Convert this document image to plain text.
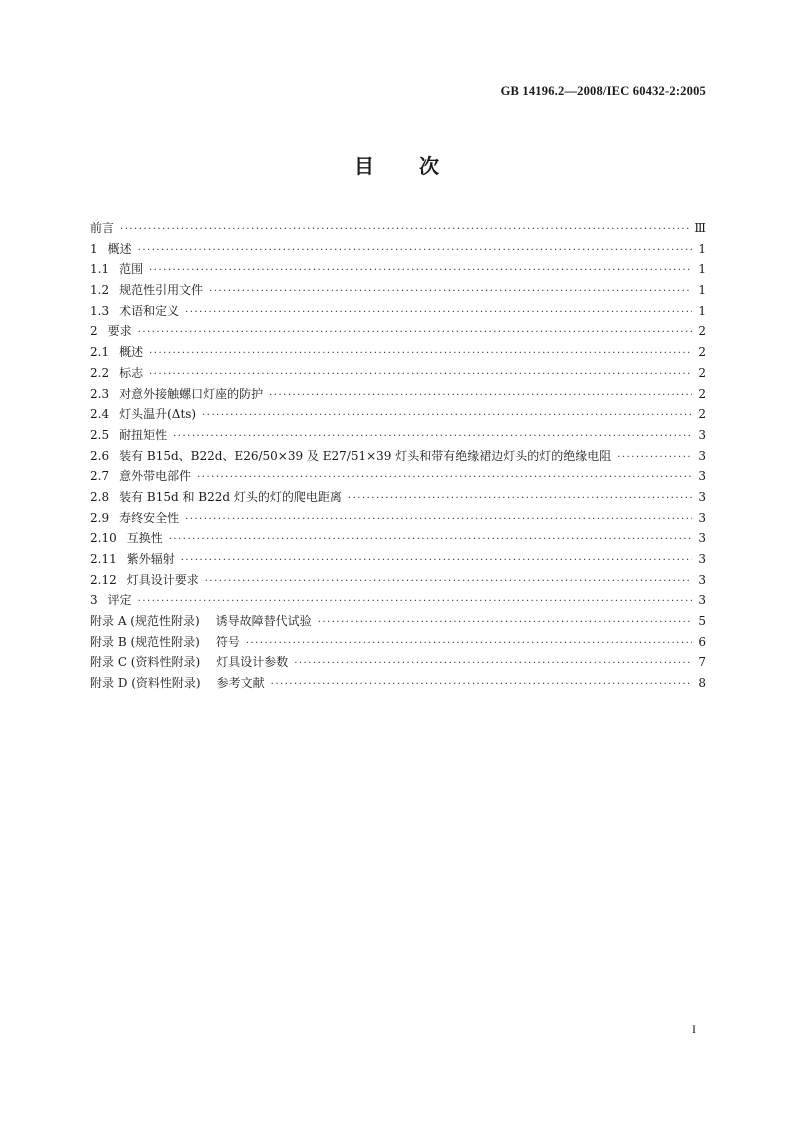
GB 14196.2—2008/IEC 60432-2:2005
目 次
前言 ·····	Ⅲ
1 概述 ·····	1
1.1 范围 ·····	1
1.2 规范性引用文件 ·····	1
1.3 术语和定义 ·····	1
2 要求 ·····	2
2.1 概述 ·····	2
2.2 标志 ·····	2
2.3 对意外接触螺口灯座的防护 ·····	2
2.4 灯头温升(Δts) ·····	2
2.5 耐扭矩性 ·····	3
2.6 装有 B15d、B22d、E26/50×39 及 E27/51×39 灯头和带有绝缘裙边灯头的灯的绝缘电阻 ·····	3
2.7 意外带电部件 ·····	3
2.8 装有 B15d 和 B22d 灯头的灯的爬电距离 ·····	3
2.9 寿终安全性 ·····	3
2.10 互换性 ·····	3
2.11 紫外辐射 ·····	3
2.12 灯具设计要求 ·····	3
3 评定 ·····	3
附录 A (规范性附录) 诱导故障替代试验 ·····	5
附录 B (规范性附录) 符号 ·····	6
附录 C (资料性附录) 灯具设计参数 ·····	7
附录 D (资料性附录) 参考文献 ·····	8
I
